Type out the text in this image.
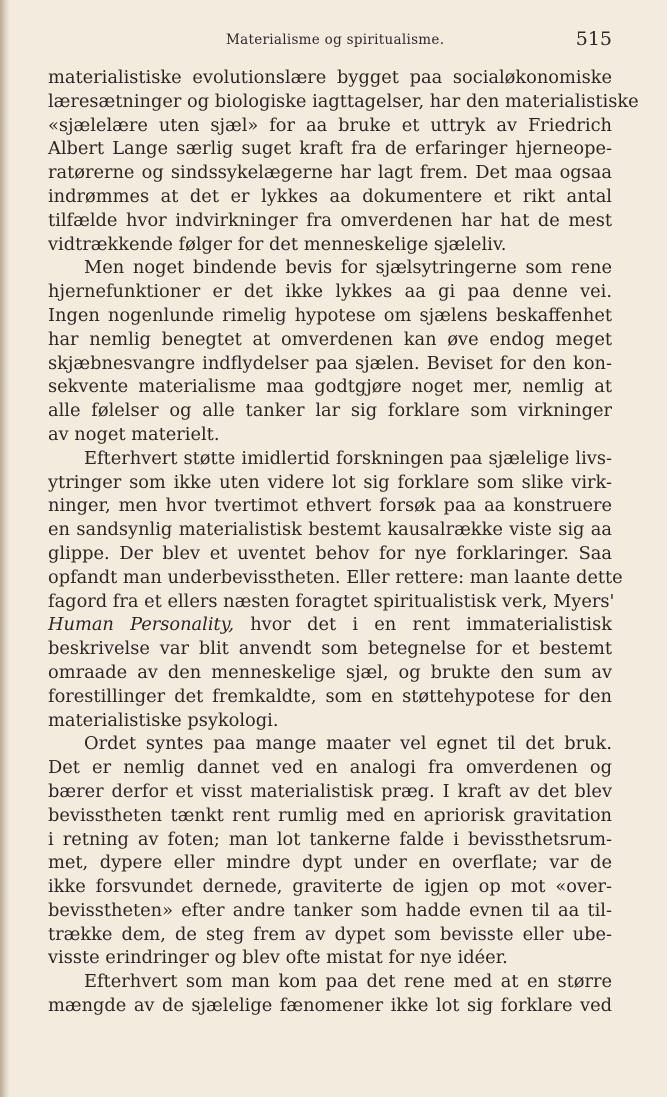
Materialisme og spiritualisme.	515
materialistiske evolutionslære bygget paa socialøkonomiske
læresætninger og biologiske iagttagelser, har den materialistiske
«sjælelære uten sjæl» for aa bruke et uttryk av Friedrich
Albert Lange særlig suget kraft fra de erfaringer hjerneope-
ratørerne og sindssykelægerne har lagt frem. Det maa ogsaa
indrømmes at det er lykkes aa dokumentere et rikt antal
tilfælde hvor indvirkninger fra omverdenen har hat de mest
vidtrækkende følger for det menneskelige sjæleliv.
Men noget bindende bevis for sjælsytringerne som rene
hjernefunktioner er det ikke lykkes aa gi paa denne vei.
Ingen nogenlunde rimelig hypotese om sjælens beskaffenhet
har nemlig benegtet at omverdenen kan øve endog meget
skjæbnesvangre indflydelser paa sjælen. Beviset for den kon-
sekvente materialisme maa godtgjøre noget mer, nemlig at
alle følelser og alle tanker lar sig forklare som virkninger
av noget materielt.
Efterhvert støtte imidlertid forskningen paa sjælelige livs-
ytringer som ikke uten videre lot sig forklare som slike virk-
ninger, men hvor tvertimot ethvert forsøk paa aa konstruere
en sandsynlig materialistisk bestemt kausalrække viste sig aa
glippe. Der blev et uventet behov for nye forklaringer. Saa
opfandt man underbevisstheten. Eller rettere: man laante dette
fagord fra et ellers næsten foragtet spiritualistisk verk, Myers'
Human Personality, hvor det i en rent immaterialistisk
beskrivelse var blit anvendt som betegnelse for et bestemt
omraade av den menneskelige sjæl, og brukte den sum av
forestillinger det fremkaldte, som en støttehypotese for den
materialistiske psykologi.
Ordet syntes paa mange maater vel egnet til det bruk.
Det er nemlig dannet ved en analogi fra omverdenen og
bærer derfor et visst materialistisk præg. I kraft av det blev
bevisstheten tænkt rent rumlig med en apriorisk gravitation
i retning av foten; man lot tankerne falde i bevissthetsrum-
met, dypere eller mindre dypt under en overflate; var de
ikke forsvundet dernede, graviterte de igjen op mot «over-
bevisstheten» efter andre tanker som hadde evnen til aa til-
trække dem, de steg frem av dypet som bevisste eller ube-
visste erindringer og blev ofte mistat for nye idéer.
Efterhvert som man kom paa det rene med at en større
mængde av de sjælelige fænomener ikke lot sig forklare ved
